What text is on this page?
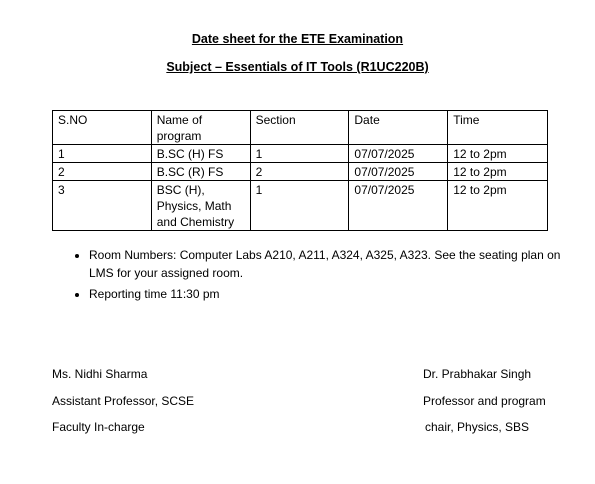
Date sheet for the ETE Examination
Subject – Essentials of IT Tools (R1UC220B)
S.NO	Name of program	Section	Date	Time
1	B.SC (H) FS	1	07/07/2025	12 to 2pm
2	B.SC (R) FS	2	07/07/2025	12 to 2pm
3	BSC (H), Physics, Math and Chemistry	1	07/07/2025	12 to 2pm
• Room Numbers: Computer Labs A210, A211, A324, A325, A323. See the seating plan on LMS for your assigned room.
• Reporting time 11:30 pm
Ms. Nidhi Sharma
Assistant Professor, SCSE
Faculty In-charge
Dr. Prabhakar Singh
Professor and program
chair, Physics, SBS
